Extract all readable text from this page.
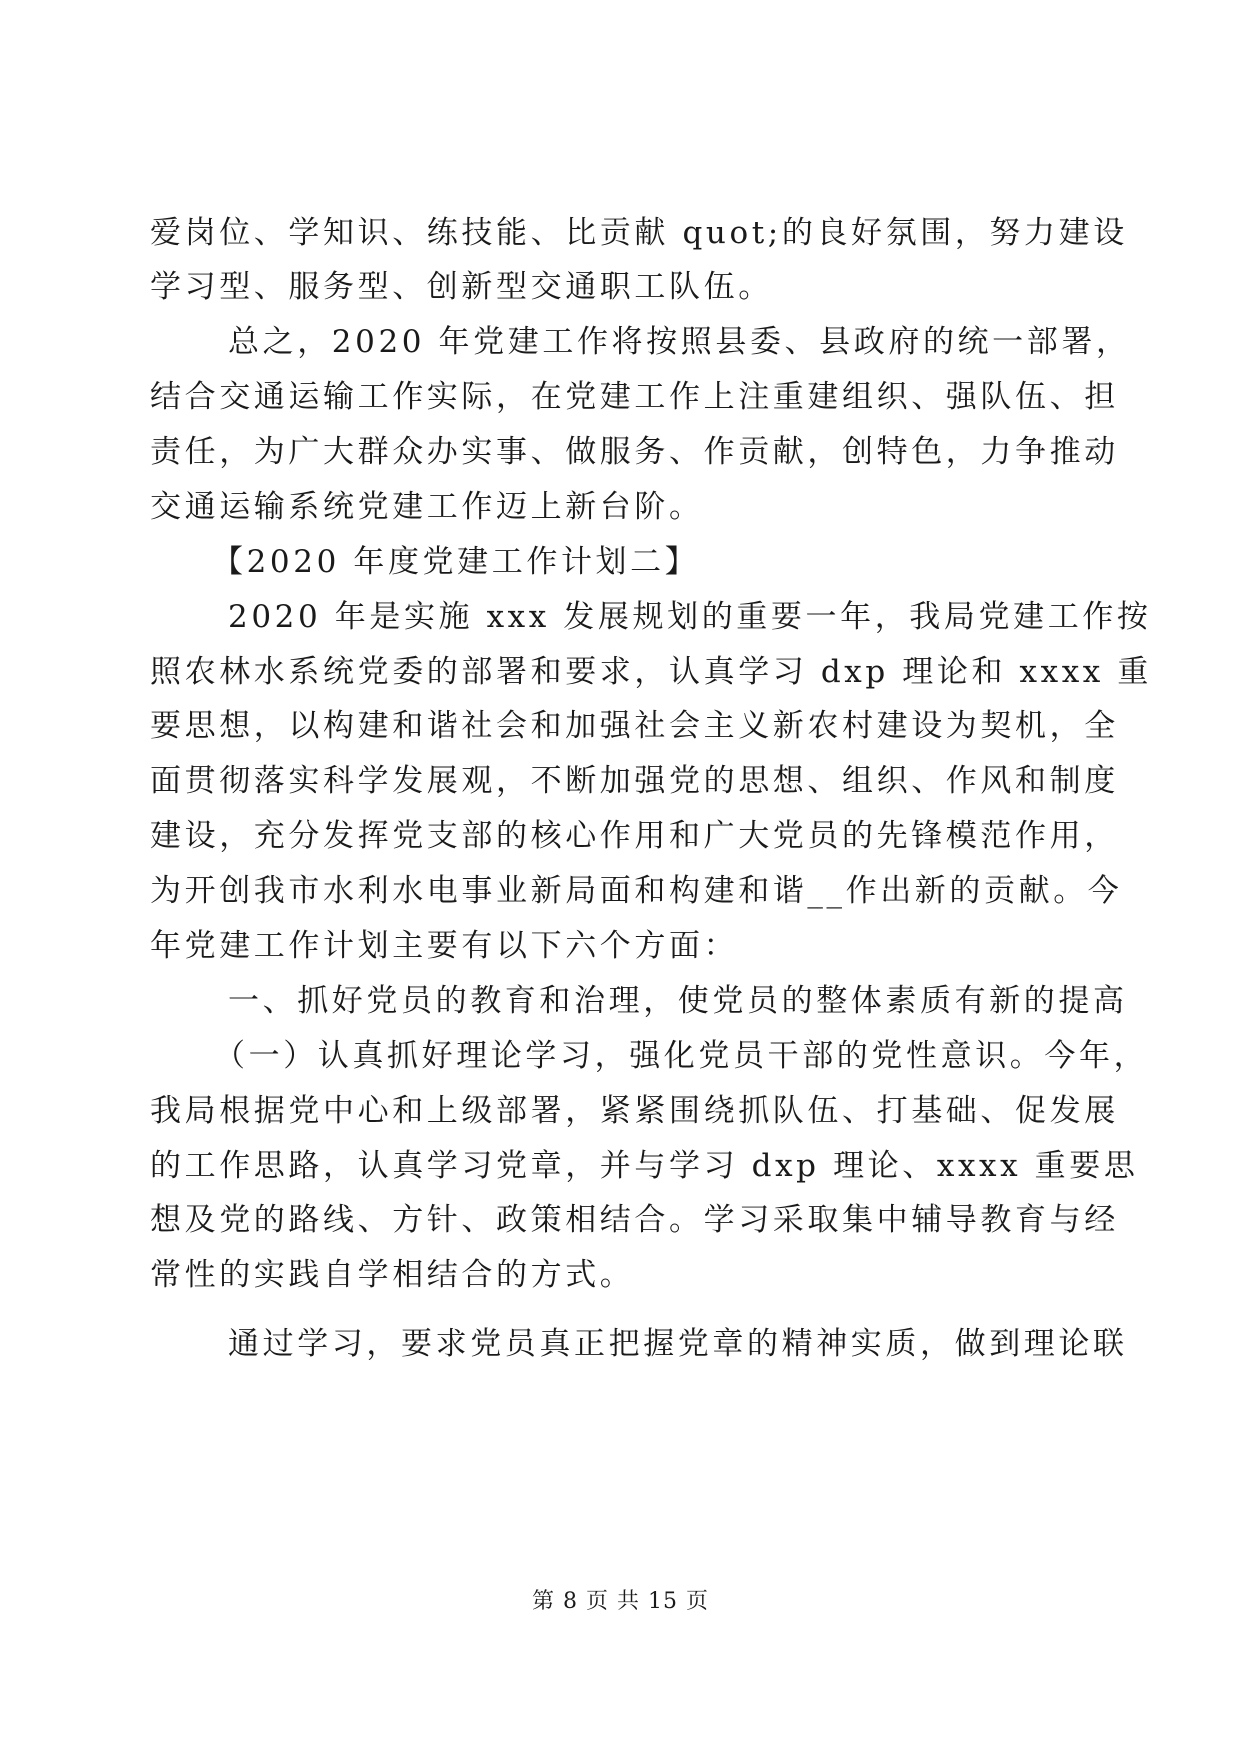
爱岗位、学知识、练技能、比贡献 quot;的良好氛围，努力建设
学习型、服务型、创新型交通职工队伍。
总之，2020 年党建工作将按照县委、县政府的统一部署，
结合交通运输工作实际，在党建工作上注重建组织、强队伍、担
责任，为广大群众办实事、做服务、作贡献，创特色，力争推动
交通运输系统党建工作迈上新台阶。
【2020 年度党建工作计划二】
2020 年是实施 xxx 发展规划的重要一年，我局党建工作按
照农林水系统党委的部署和要求，认真学习 dxp 理论和 xxxx 重
要思想，以构建和谐社会和加强社会主义新农村建设为契机，全
面贯彻落实科学发展观，不断加强党的思想、组织、作风和制度
建设，充分发挥党支部的核心作用和广大党员的先锋模范作用，
为开创我市水利水电事业新局面和构建和谐__作出新的贡献。今
年党建工作计划主要有以下六个方面：
一、抓好党员的教育和治理，使党员的整体素质有新的提高
（一）认真抓好理论学习，强化党员干部的党性意识。今年，
我局根据党中心和上级部署，紧紧围绕抓队伍、打基础、促发展
的工作思路，认真学习党章，并与学习 dxp 理论、xxxx 重要思
想及党的路线、方针、政策相结合。学习采取集中辅导教育与经
常性的实践自学相结合的方式。
通过学习，要求党员真正把握党章的精神实质，做到理论联
第 8 页 共 15 页
